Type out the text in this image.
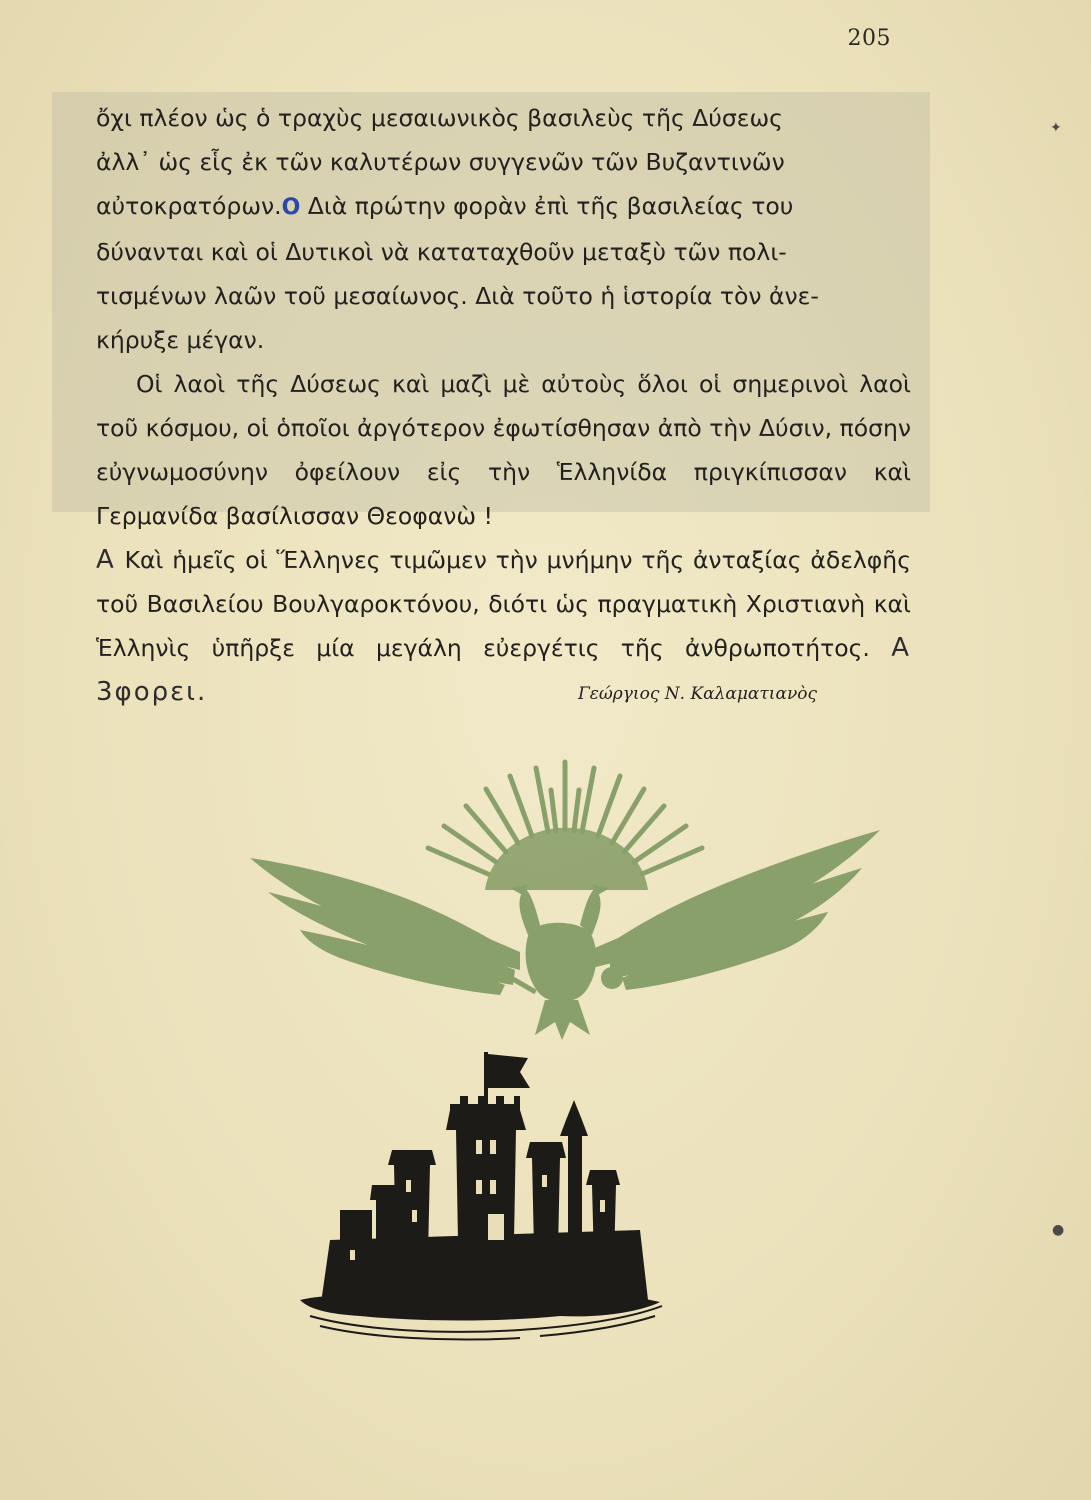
205

ὄχι πλέον ὡς ὁ τραχὺς μεσαιωνικὸς βασιλεὺς τῆς Δύσεως
ἀλλ᾽ ὡς εἷς ἐκ τῶν καλυτέρων συγγενῶν τῶν Βυζαντινῶν
αὐτοκρατόρων.Ο Διὰ πρώτην φορὰν ἐπὶ τῆς βασιλείας του
δύνανται καὶ οἱ Δυτικοὶ νὰ καταταχθοῦν μεταξὺ τῶν πολι-
τισμένων λαῶν τοῦ μεσαίωνος. Διὰ τοῦτο ἡ ἱστορία τὸν ἀνε-
κήρυξε μέγαν.

Οἱ λαοὶ τῆς Δύσεως καὶ μαζὶ μὲ αὐτοὺς ὅλοι οἱ σημερινοὶ λαοὶ τοῦ κόσμου, οἱ ὁποῖοι ἀργότερον ἐφωτίσθησαν ἀπὸ τὴν Δύσιν, πόσην εὐγνωμοσύνην ὀφείλουν εἰς τὴν Ἑλληνίδα πριγκίπισσαν καὶ Γερμανίδα βασίλισσαν Θεοφανὼ !

Α Καὶ ἡμεῖς οἱ Ἕλληνες τιμῶμεν τὴν μνήμην τῆς ἀνταξίας ἀδελφῆς τοῦ Βασιλείου Βουλγαροκτόνου, διότι ὡς πραγματικὴ Χριστιανὴ καὶ Ἑλληνὶς ὑπῆρξε μία μεγάλη εὐεργέτις τῆς ἀνθρωποτήτος. Α 3φορει.	Γεώργιος Ν. Καλαματιανὸς
✦
●
